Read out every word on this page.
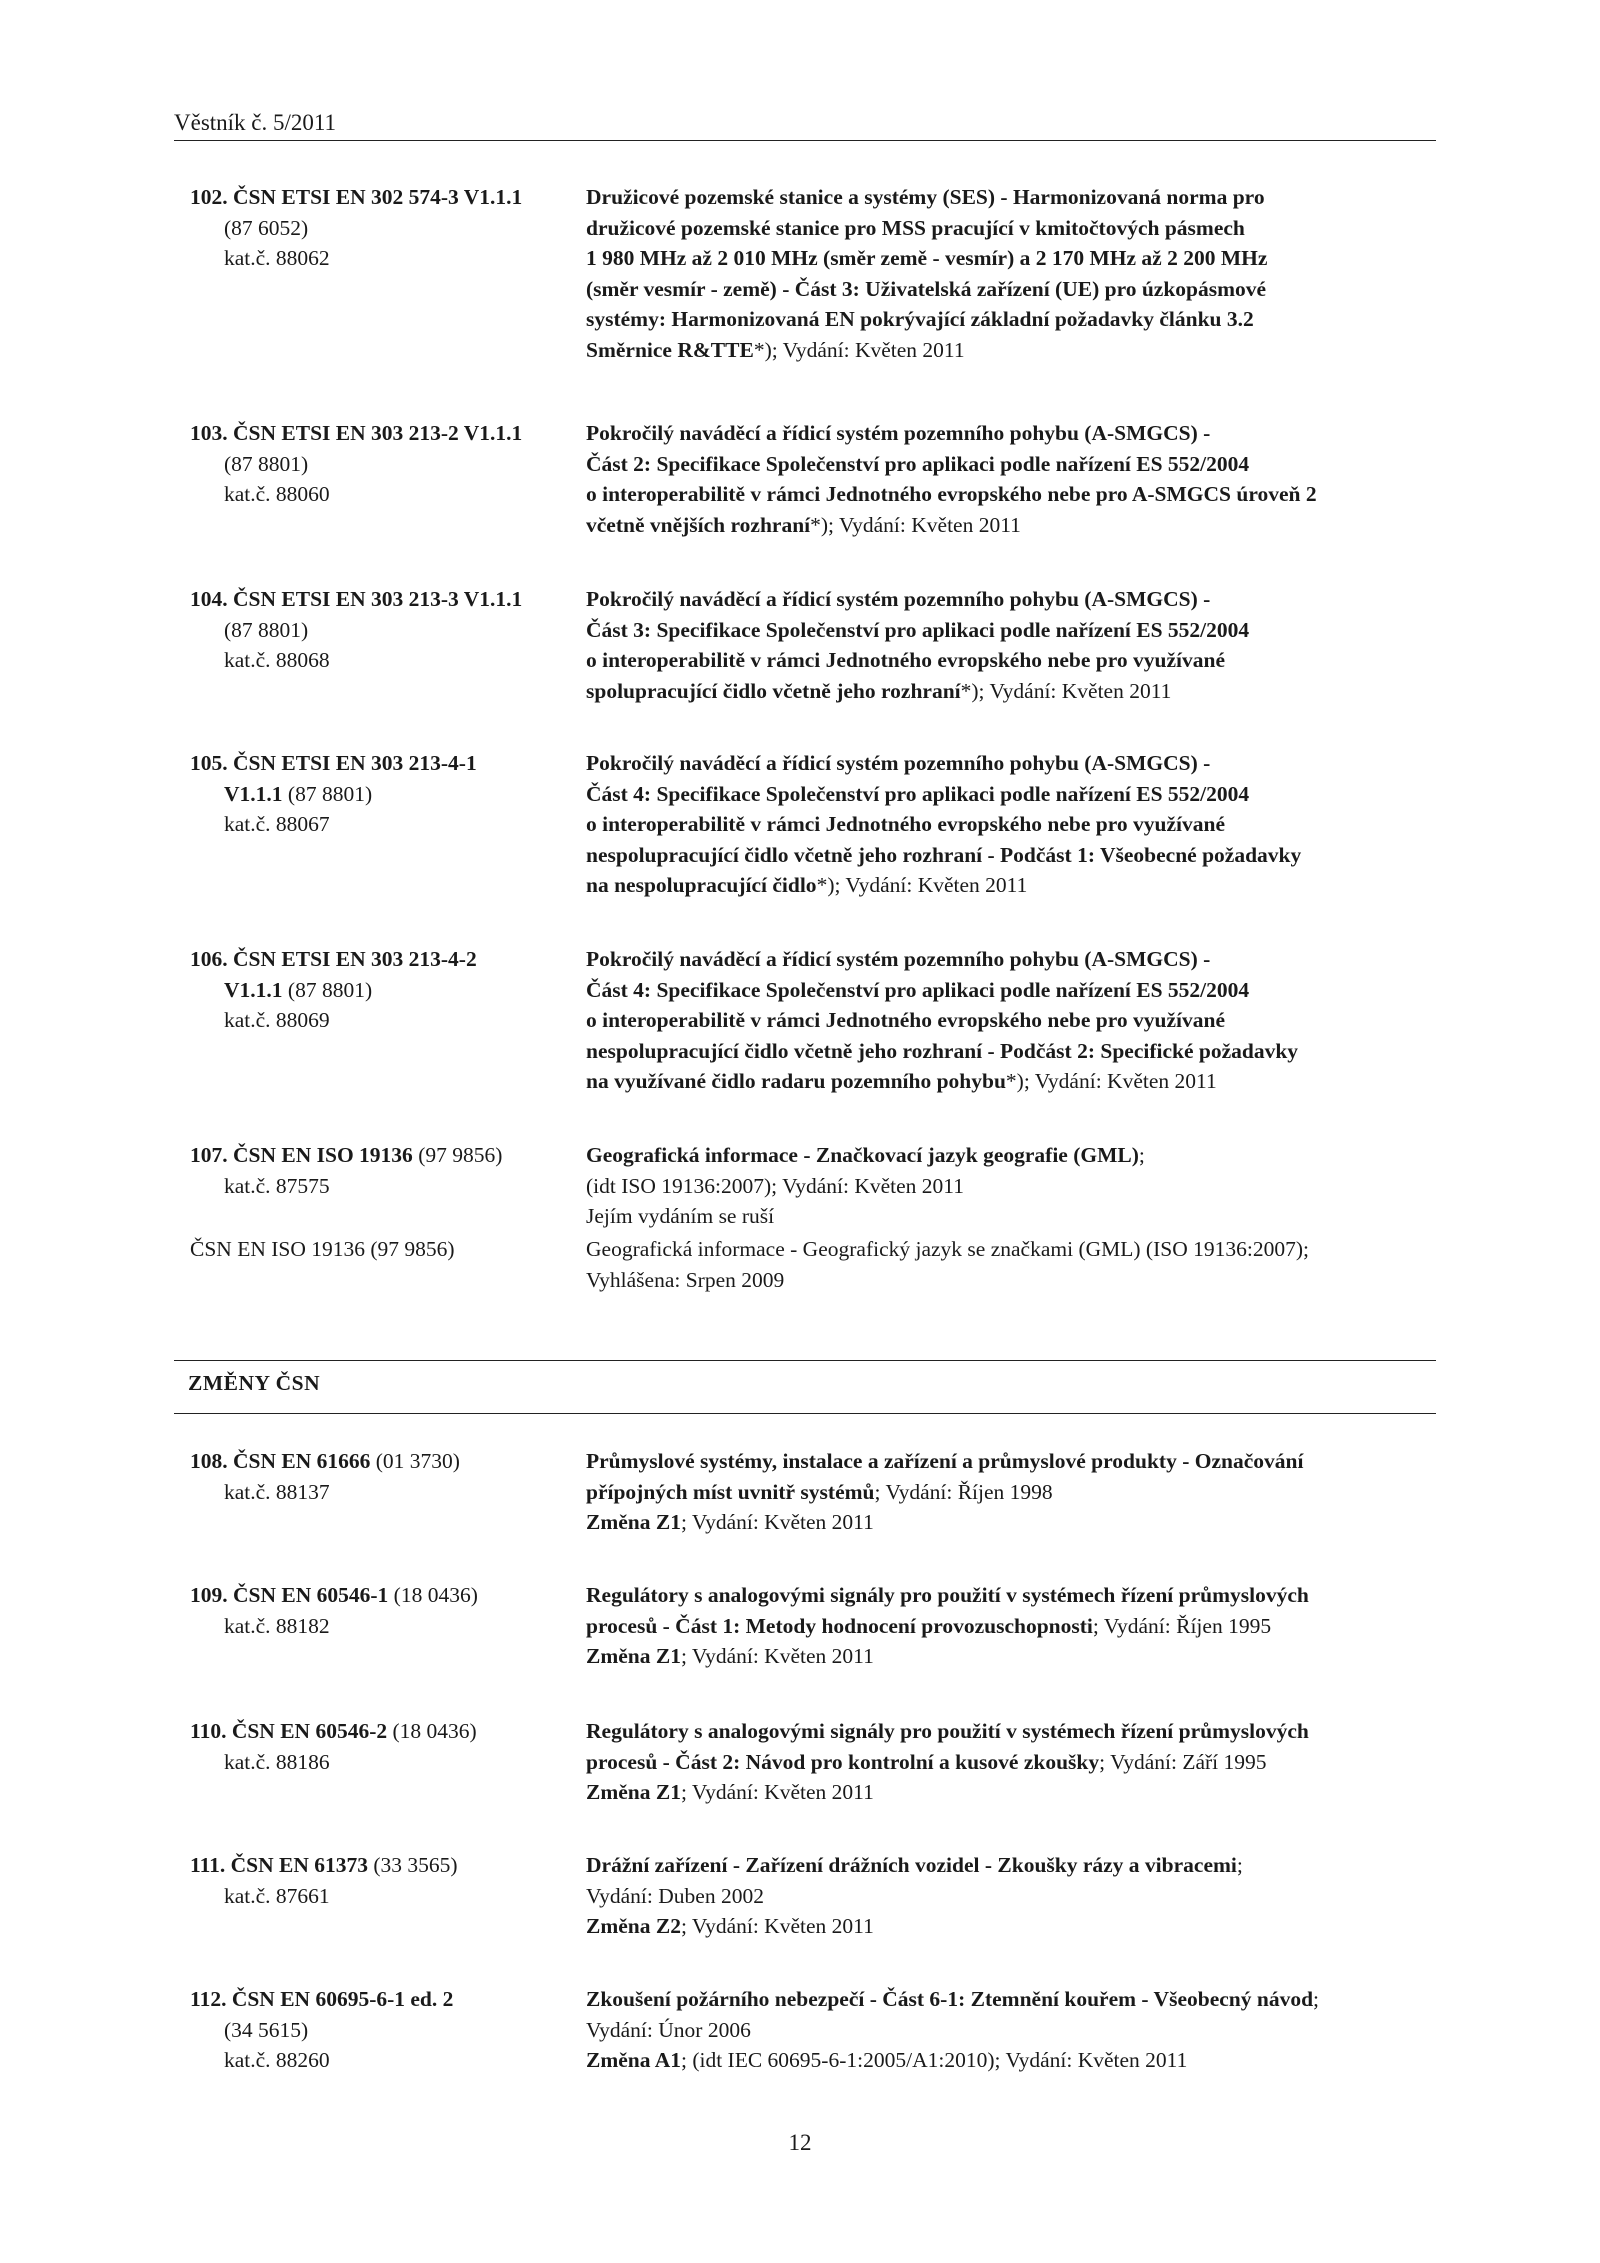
Věstník č. 5/2011
102. ČSN ETSI EN 302 574-3 V1.1.1
(87 6052)
kat.č. 88062
Družicové pozemské stanice a systémy (SES) - Harmonizovaná norma pro
družicové pozemské stanice pro MSS pracující v kmitočtových pásmech
1 980 MHz až 2 010 MHz (směr země - vesmír) a 2 170 MHz až 2 200 MHz
(směr vesmír - země) - Část 3: Uživatelská zařízení (UE) pro úzkopásmové
systémy: Harmonizovaná EN pokrývající základní požadavky článku 3.2
Směrnice R&TTE*); Vydání: Květen 2011
103. ČSN ETSI EN 303 213-2 V1.1.1
(87 8801)
kat.č. 88060
Pokročilý naváděcí a řídicí systém pozemního pohybu (A-SMGCS) -
Část 2: Specifikace Společenství pro aplikaci podle nařízení ES 552/2004
o interoperabilitě v rámci Jednotného evropského nebe pro A-SMGCS úroveň 2
včetně vnějších rozhraní*); Vydání: Květen 2011
104. ČSN ETSI EN 303 213-3 V1.1.1
(87 8801)
kat.č. 88068
Pokročilý naváděcí a řídicí systém pozemního pohybu (A-SMGCS) -
Část 3: Specifikace Společenství pro aplikaci podle nařízení ES 552/2004
o interoperabilitě v rámci Jednotného evropského nebe pro využívané
spolupracující čidlo včetně jeho rozhraní*); Vydání: Květen 2011
105. ČSN ETSI EN 303 213-4-1
V1.1.1 (87 8801)
kat.č. 88067
Pokročilý naváděcí a řídicí systém pozemního pohybu (A-SMGCS) -
Část 4: Specifikace Společenství pro aplikaci podle nařízení ES 552/2004
o interoperabilitě v rámci Jednotného evropského nebe pro využívané
nespolupracující čidlo včetně jeho rozhraní - Podčást 1: Všeobecné požadavky
na nespolupracující čidlo*); Vydání: Květen 2011
106. ČSN ETSI EN 303 213-4-2
V1.1.1 (87 8801)
kat.č. 88069
Pokročilý naváděcí a řídicí systém pozemního pohybu (A-SMGCS) -
Část 4: Specifikace Společenství pro aplikaci podle nařízení ES 552/2004
o interoperabilitě v rámci Jednotného evropského nebe pro využívané
nespolupracující čidlo včetně jeho rozhraní - Podčást 2: Specifické požadavky
na využívané čidlo radaru pozemního pohybu*); Vydání: Květen 2011
107. ČSN EN ISO 19136 (97 9856)
kat.č. 87575
Geografická informace - Značkovací jazyk geografie (GML);
(idt ISO 19136:2007); Vydání: Květen 2011
Jejím vydáním se ruší
ČSN EN ISO 19136 (97 9856)	Geografická informace - Geografický jazyk se značkami (GML) (ISO 19136:2007);
Vyhlášena: Srpen 2009
ZMĚNY ČSN
108. ČSN EN 61666 (01 3730)
kat.č. 88137
Průmyslové systémy, instalace a zařízení a průmyslové produkty - Označování
přípojných míst uvnitř systémů; Vydání: Říjen 1998
Změna Z1; Vydání: Květen 2011
109. ČSN EN 60546-1 (18 0436)
kat.č. 88182
Regulátory s analogovými signály pro použití v systémech řízení průmyslových
procesů - Část 1: Metody hodnocení provozuschopnosti; Vydání: Říjen 1995
Změna Z1; Vydání: Květen 2011
110. ČSN EN 60546-2 (18 0436)
kat.č. 88186
Regulátory s analogovými signály pro použití v systémech řízení průmyslových
procesů - Část 2: Návod pro kontrolní a kusové zkoušky; Vydání: Září 1995
Změna Z1; Vydání: Květen 2011
111. ČSN EN 61373 (33 3565)
kat.č. 87661
Drážní zařízení - Zařízení drážních vozidel - Zkoušky rázy a vibracemi;
Vydání: Duben 2002
Změna Z2; Vydání: Květen 2011
112. ČSN EN 60695-6-1 ed. 2
(34 5615)
kat.č. 88260
Zkoušení požárního nebezpečí - Část 6-1: Ztemnění kouřem - Všeobecný návod;
Vydání: Únor 2006
Změna A1; (idt IEC 60695-6-1:2005/A1:2010); Vydání: Květen 2011
12
